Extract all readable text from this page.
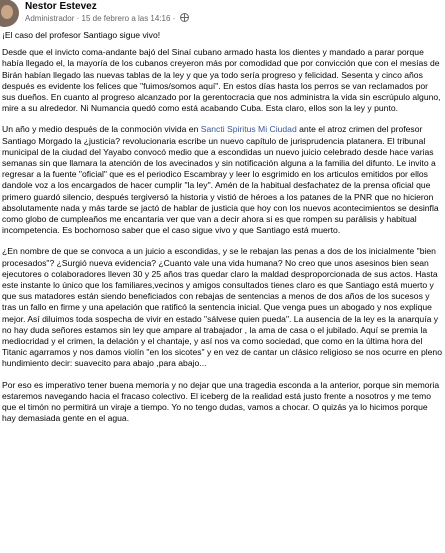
Nestor Estevez
Administrador · 15 de febrero a las 14:16 ·

¡El caso del profesor Santiago sigue vivo!

Desde que el invicto coma-andante bajó del Sinaí cubano armado hasta los dientes y mandado a parar porque había llegado el, la mayoría de los cubanos creyeron más por comodidad que por convicción que con el mesías de Birán habían llegado las nuevas tablas de la ley y que ya todo sería progreso y felicidad. Sesenta y cinco años después es evidente los felices que "fuimos/somos aquí". En estos días hasta los perros se van reclamados por sus dueños. En cuanto al progreso alcanzado por la gerentocracia que nos administra la vida sin escrúpulo alguno, mire a su alrededor. Ni Numancia quedó como está acabando Cuba. Esta claro, ellos son la ley y punto.

Un año y medio después de la conmoción vivida en Sancti Spiritus Mi Ciudad ante el atroz crimen del profesor Santiago Morgado la ¿justicia? revolucionaria escribe un nuevo capítulo de jurisprudencia platanera. El tribunal municipal de la ciudad del Yayabo convocó medio que a escondidas un nuevo juicio celebrado desde hace varias semanas sin que llamara la atención de los avecinados y sin notificación alguna a la familia del difunto. Le invito a regresar a la fuente "oficial" que es el periodico Escambray y leer lo esgrimido en los articulos emitidos por ellos dandole voz a los encargados de hacer cumplir "la ley". Amén de la habitual desfachatez de la prensa oficial que primero guardó silencio, después tergiversó la historia y vistió de héroes a los patanes de la PNR que no hicieron absolutamente nada y más tarde se jactó de hablar de justicia que hoy con los nuevos acontecimientos se desinfla como globo de cumpleaños me encantaria ver que van a decir ahora si es que rompen su parálisis y habitual incompetencia. Es bochornoso saber que el caso sigue vivo y que Santiago está muerto.

¿En nombre de que se convoca a un juicio a escondidas, y se le rebajan las penas a dos de los inicialmente "bien procesados"? ¿Surgió nueva evidencia? ¿Cuanto vale una vida humana? No creo que unos asesinos bien sean ejecutores o colaboradores lleven 30 y 25 años tras quedar claro la maldad desproporcionada de sus actos. Hasta este instante lo único que los familiares,vecinos y amigos consultados tienes claro es que Santiago está muerto y que sus matadores están siendo beneficiados con rebajas de sentencias a menos de dos años de los sucesos y tras un fallo en firme y una apelación que ratificó la sentencia inicial. Que venga pues un abogado y nos explique mejor. Así diluimos toda sospecha de vivir en estado "sálvese quien pueda". La ausencia de la ley es la anarquía y no hay duda señores estamos sin ley que ampare al trabajador , la ama de casa o el jubilado. Aquí se premia la mediocridad y el crimen, la delación y el chantaje, y así nos va como sociedad, que como en la última hora del Titanic agarramos y nos damos violín "en los sicotes" y en vez de cantar un clásico religioso se nos ocurre en pleno hundimiento decir: suavecito para abajo ,para abajo...

Por eso es imperativo tener buena memoria y no dejar que una tragedia esconda a la anterior, porque sin memoria estaremos navegando hacia el fracaso colectivo. El iceberg de la realidad está justo frente a nosotros y me temo que el timón no permitirá un viraje a tiempo. Yo no tengo dudas, vamos a chocar. O quizás ya lo hicimos porque hay demasiada gente en el agua.
